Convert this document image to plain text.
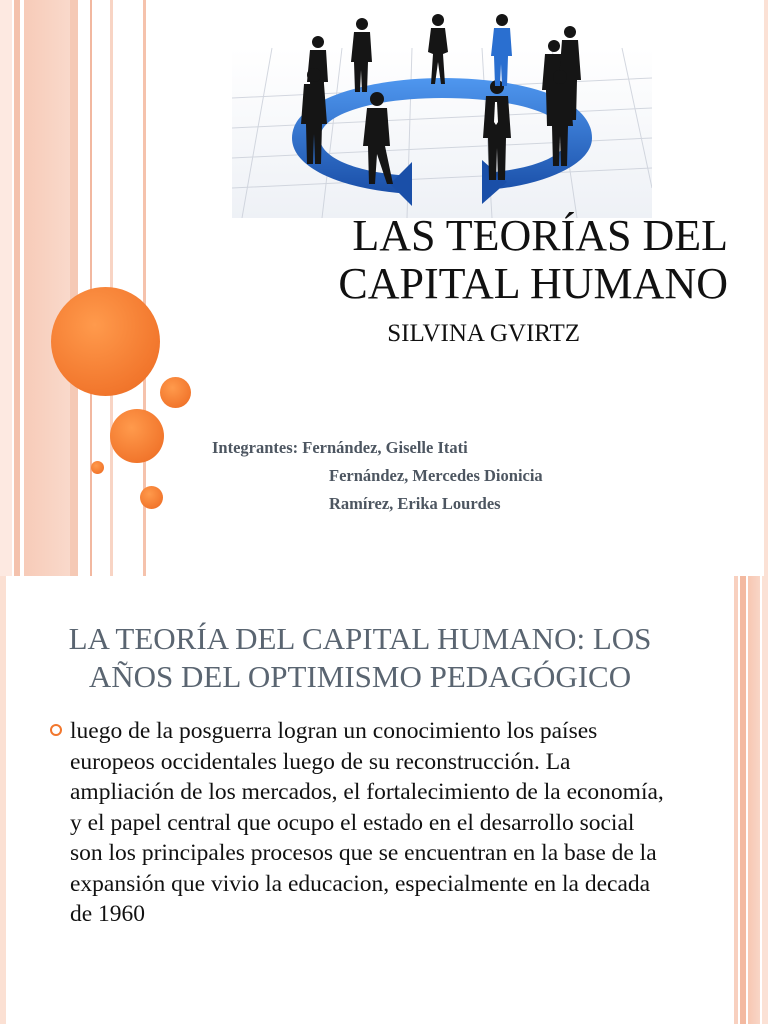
LAS TEORÍAS DEL CAPITAL HUMANO
SILVINA GVIRTZ
Integrantes: Fernández, Giselle Itati
Fernández, Mercedes Dionicia
Ramírez, Erika Lourdes
LA TEORÍA DEL CAPITAL HUMANO: LOS AÑOS DEL OPTIMISMO PEDAGÓGICO
luego de la posguerra logran un conocimiento los países europeos occidentales luego de su reconstrucción. La ampliación de los mercados, el fortalecimiento de la economía, y el papel central que ocupo el estado en el desarrollo social son los principales procesos que se encuentran en la base de la expansión que vivio la educacion, especialmente en la decada de 1960
